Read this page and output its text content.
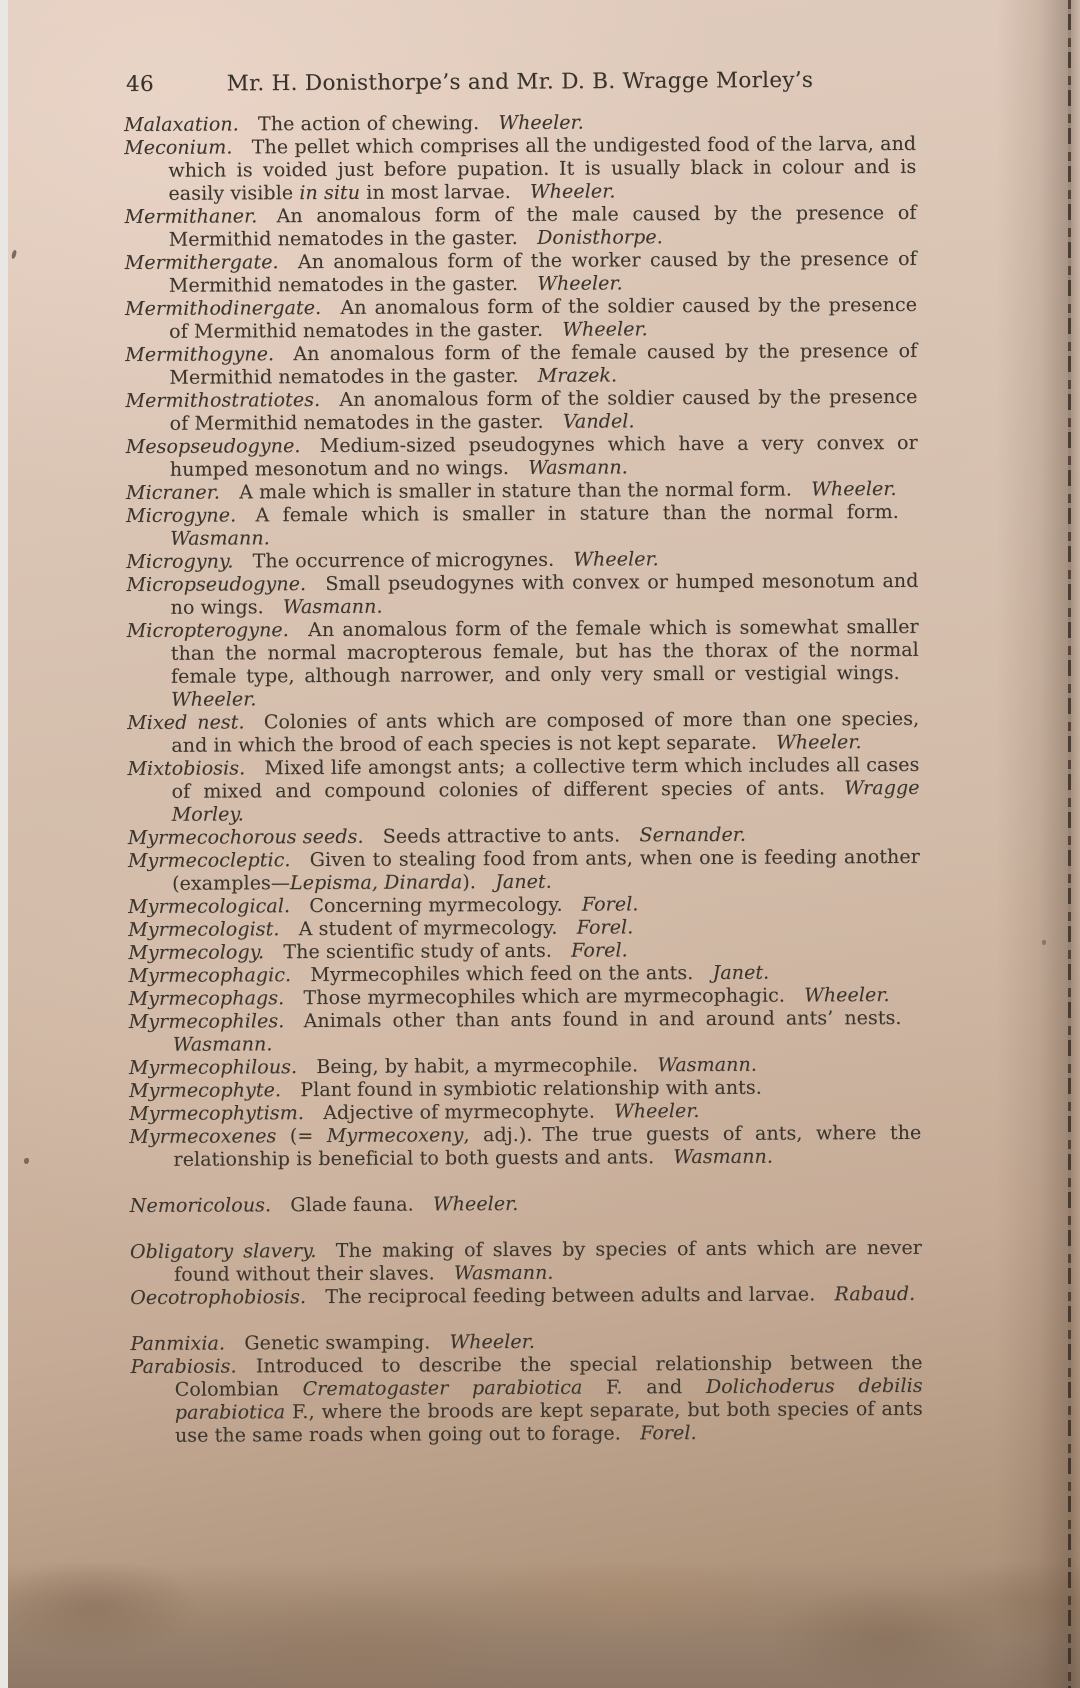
46	Mr. H. Donisthorpe’s and Mr. D. B. Wragge Morley’s

Malaxation.   The action of chewing.   Wheeler.

Meconium.   The pellet which comprises all the undigested food of the larva, and which is voided just before pupation. It is usually black in colour and is easily visible in situ in most larvae.   Wheeler.

Mermithaner.   An anomalous form of the male caused by the presence of Mermithid nematodes in the gaster.   Donisthorpe.

Mermithergate.   An anomalous form of the worker caused by the presence of Mermithid nematodes in the gaster.   Wheeler.

Mermithodinergate.   An anomalous form of the soldier caused by the presence of Mermithid nematodes in the gaster.   Wheeler.

Mermithogyne.   An anomalous form of the female caused by the presence of Mermithid nematodes in the gaster.   Mrazek.

Mermithostratiotes.   An anomalous form of the soldier caused by the presence of Mermithid nematodes in the gaster.   Vandel.

Mesopseudogyne.   Medium-sized pseudogynes which have a very convex or humped mesonotum and no wings.   Wasmann.

Micraner.   A male which is smaller in stature than the normal form.   Wheeler.

Microgyne.   A female which is smaller in stature than the normal form.  Wasmann.

Microgyny.   The occurrence of microgynes.   Wheeler.

Micropseudogyne.   Small pseudogynes with convex or humped mesonotum and no wings.   Wasmann.

Micropterogyne.   An anomalous form of the female which is somewhat smaller than the normal macropterous female, but has the thorax of the normal female type, although narrower, and only very small or vestigial wings.  Wheeler.

Mixed nest.   Colonies of ants which are composed of more than one species, and in which the brood of each species is not kept separate.   Wheeler.

Mixtobiosis.   Mixed life amongst ants; a collective term which includes all cases of mixed and compound colonies of different species of ants.   Wragge Morley.

Myrmecochorous seeds.   Seeds attractive to ants.   Sernander.

Myrmecocleptic.   Given to stealing food from ants, when one is feeding another (examples—Lepisma, Dinarda).   Janet.

Myrmecological.   Concerning myrmecology.   Forel.

Myrmecologist.   A student of myrmecology.   Forel.

Myrmecology.   The scientific study of ants.   Forel.

Myrmecophagic.   Myrmecophiles which feed on the ants.   Janet.

Myrmecophags.   Those myrmecophiles which are myrmecophagic.   Wheeler.

Myrmecophiles.   Animals other than ants found in and around ants’ nests.  Wasmann.

Myrmecophilous.   Being, by habit, a myrmecophile.   Wasmann.

Myrmecophyte.   Plant found in symbiotic relationship with ants.

Myrmecophytism.   Adjective of myrmecophyte.   Wheeler.

Myrmecoxenes (= Myrmecoxeny, adj.). The true guests of ants, where the relationship is beneficial to both guests and ants.   Wasmann.

Nemoricolous.   Glade fauna.   Wheeler.

Obligatory slavery.   The making of slaves by species of ants which are never found without their slaves.   Wasmann.

Oecotrophobiosis.   The reciprocal feeding between adults and larvae.   Rabaud.

Panmixia.   Genetic swamping.   Wheeler.

Parabiosis.   Introduced to describe the special relationship between the Colombian Crematogaster parabiotica F. and Dolichoderus debilis parabiotica F., where the broods are kept separate, but both species of ants use the same roads when going out to forage.   Forel.
